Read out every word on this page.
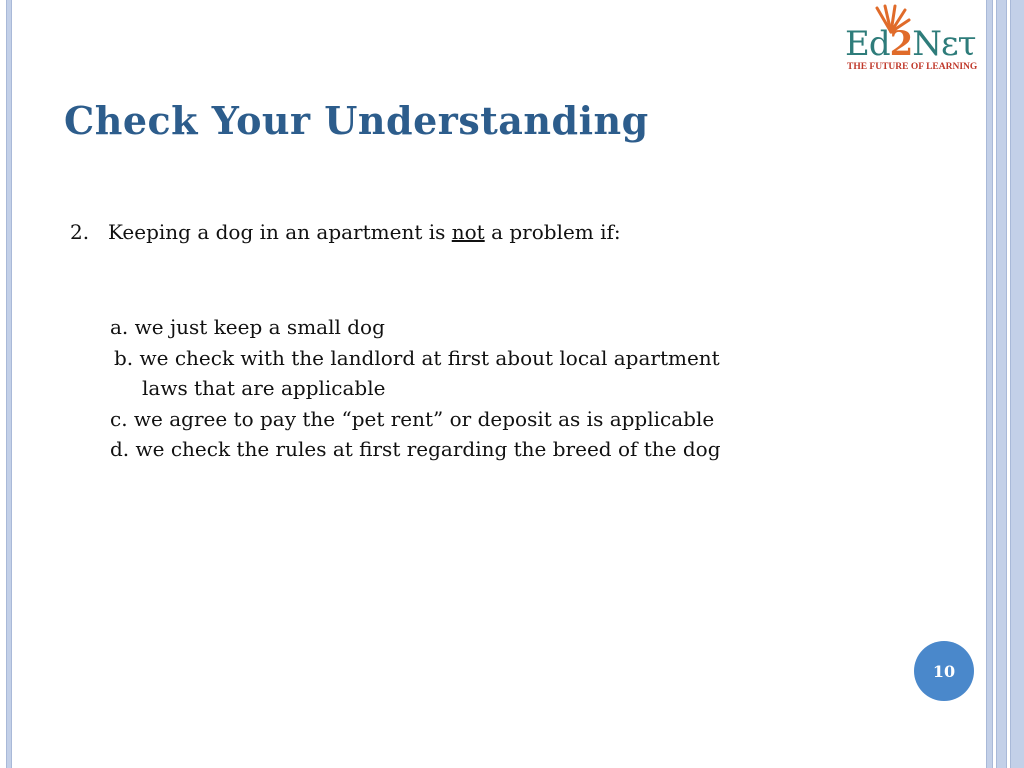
Ed2Nετ
THE FUTURE OF LEARNING
Check Your Understanding
2. Keeping a dog in an apartment is not a problem if:
a. we just keep a small dog
b. we check with the landlord at first about local apartment
laws that are applicable
c. we agree to pay the “pet rent” or deposit as is applicable
d. we check the rules at first regarding the breed of the dog
10
